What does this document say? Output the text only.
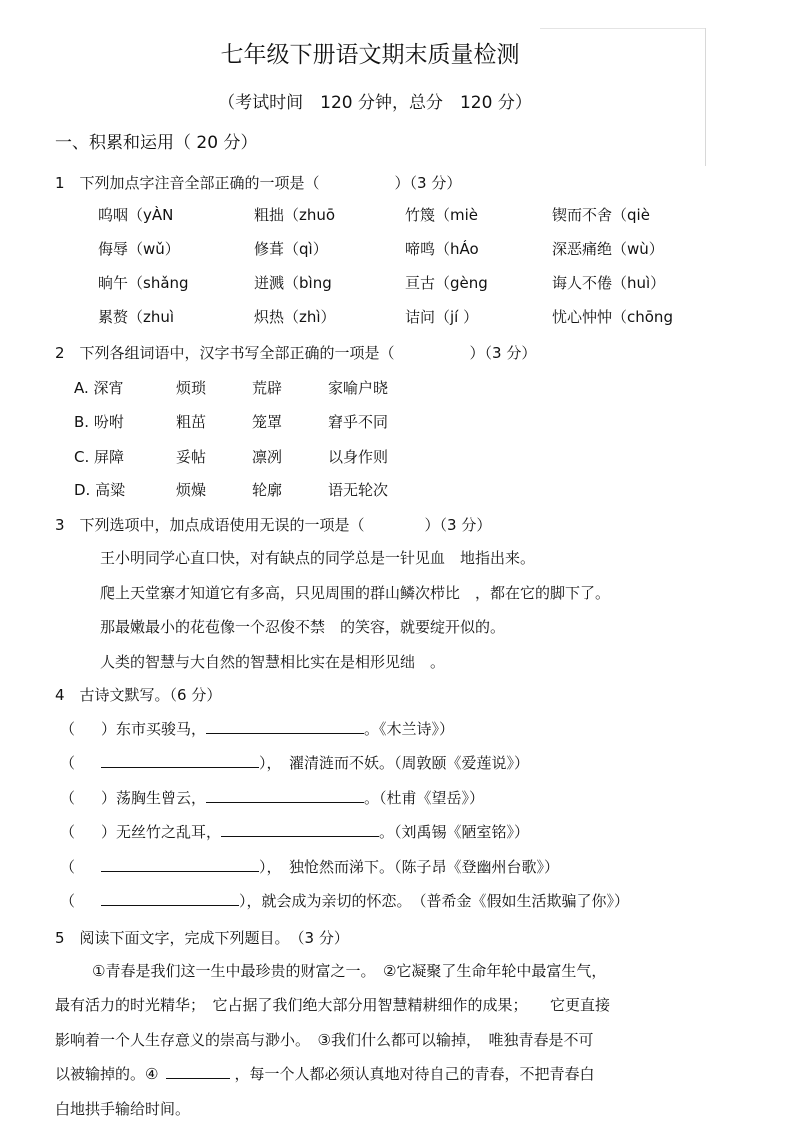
七年级下册语文期末质量检测
（考试时间　120 分钟，总分　120 分）
一、积累和运用（ 20 分）
1　下列加点字注音全部正确的一项是（　　　　　）（3 分）
呜咽（yÀN	粗拙（zhuō	竹篾（miè	锲而不舍（qiè
侮辱（wǔ）	修葺（qì）	啼鸣（hÁo	深恶痛绝（wù）
晌午（shǎng	迸溅（bìng	亘古（gèng	诲人不倦（huì）
累赘（zhuì	炽热（zhì）	诘问（jí ）	忧心忡忡（chōng
2　下列各组词语中，汉字书写全部正确的一项是（　　　　　）（3 分）
A. 深宵	烦琐	荒辟	家喻户晓
B. 吩咐	粗茁	笼罩	窘乎不同
C. 屏障	妥帖	凛冽	以身作则
D. 高粱	烦燥	轮廓	语无轮次
3　下列选项中，加点成语使用无误的一项是（　　　　）（3 分）
王小明同学心直口快，对有缺点的同学总是一针见血　地指出来。
爬上天堂寨才知道它有多高，只见周围的群山鳞次栉比　，都在它的脚下了。
那最嫩最小的花苞像一个忍俊不禁　的笑容，就要绽开似的。
人类的智慧与大自然的智慧相比实在是相形见绌　。
4　古诗文默写。（6 分）
（ ）东市买骏马，	。《木兰诗》）
（	），　濯清涟而不妖。（周敦颐《爱莲说》）
（ ）荡胸生曾云，	。（杜甫《望岳》）
（ ）无丝竹之乱耳，	。（刘禹锡《陋室铭》）
（	），　独怆然而涕下。（陈子昂《登幽州台歌》）
（	），就会成为亲切的怀恋。　（普希金《假如生活欺骗了你》）
5　阅读下面文字，完成下列题目。　（3 分）
①青春是我们这一生中最珍贵的财富之一。　②它凝聚了生命年轮中最富生气，
最有活力的时光精华；　它占据了我们绝大部分用智慧精耕细作的成果；　　它更直接
影响着一个人生存意义的崇高与渺小。　③我们什么都可以输掉，　唯独青春是不可
以被输掉的。④	，每一个人都必须认真地对待自己的青春，不把青春白
白地拱手输给时间。
